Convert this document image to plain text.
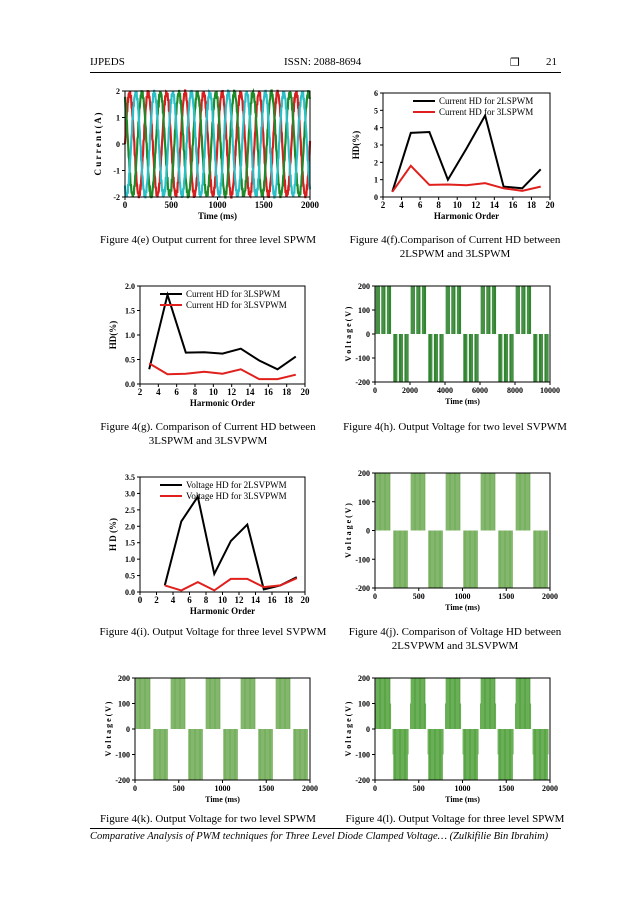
IJPEDS	ISSN: 2088-8694	❒ 21
0	500	1000	1500	2000
2
1
0
-1
-2
Time (ms)
C u r r e n t ( A )
Current HD for 2LSPWM
Current HD for 3LSPWM
2 4 6 8 10 12 14 16 18 20
0
1
2
3
4
5
6
Harmonic Order
HD(%)
Figure 4(e) Output current for three level SPWM	Figure 4(f).Comparison of Current HD between
2LSPWM and 3LSPWM
Current HD for 3LSPWM
Current HD for 3LSVPWM
2 4 6 8 10 12 14 16 18 20
0.0
0.5
1.0
1.5
2.0
Harmonic Order
HD(%)
0	2000 4000 6000 8000 10000
200
100
0
-100
-200
Time (ms)
V o l t a g e ( V )
Figure 4(g). Comparison of Current HD between
3LSPWM and 3LSVPWM
Figure 4(h). Output Voltage for two level SVPWM
Voltage HD for 2LSVPWM
Voltage HD for 3LSVPWM
0 2 4 6 8 10 12 14 16 18 20
0.0
0.5
1.0
1.5
2.0
2.5
3.0
3.5
Harmonic Order
H D (%)
0	500	1000	1500	2000
200
100
0
-100
-200
Time (ms)
V o l t a g e ( V )
Figure 4(i). Output Voltage for three level SVPWM	Figure 4(j). Comparison of Voltage HD between
2LSVPWM and 3LSVPWM
0	500	1000	1500	2000
200
100
0
-100
-200
Time (ms)
V o l t a g e ( V )
0	500	1000	1500	2000
200
100
0
-100
-200
Time (ms)
V o l t a g e ( V )
Figure 4(k). Output Voltage for two level SPWM	Figure 4(l). Output Voltage for three level SPWM
Comparative Analysis of PWM techniques for Three Level Diode Clamped Voltage… (Zulkifilie Bin Ibrahim)
